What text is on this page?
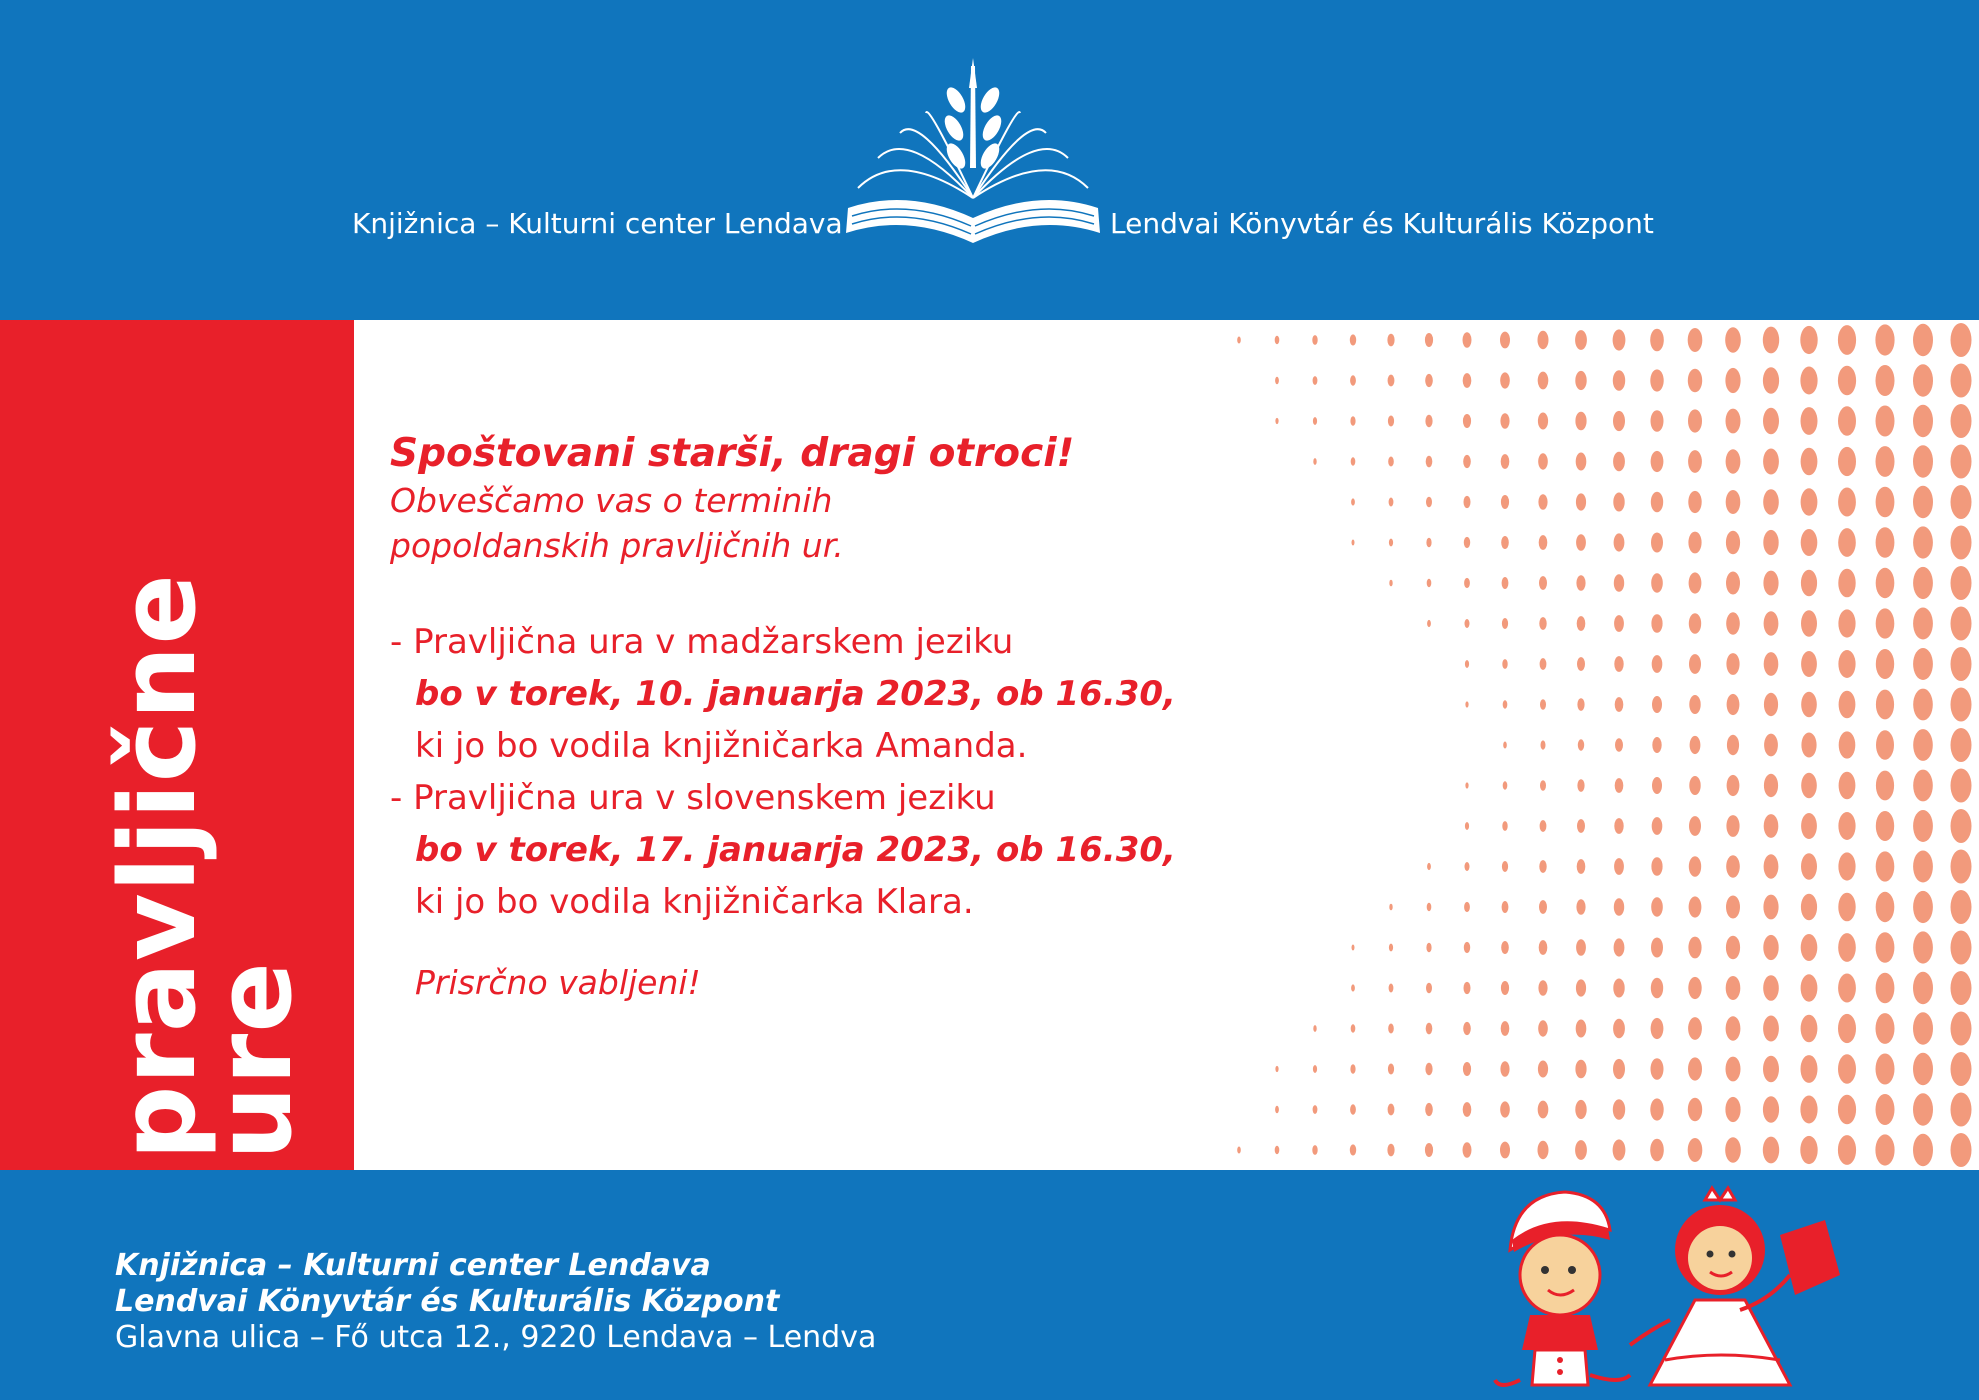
Knjižnica – Kulturni center Lendava	Lendvai Könyvtár és Kulturális Központ
pravljične
ure
Spoštovani starši, dragi otroci!
Obveščamo vas o terminih
popoldanskih pravljičnih ur.
- Pravljična ura v madžarskem jeziku
bo v torek, 10. januarja 2023, ob 16.30,
ki jo bo vodila knjižničarka Amanda.
- Pravljična ura v slovenskem jeziku
bo v torek, 17. januarja 2023, ob 16.30,
ki jo bo vodila knjižničarka Klara.
Prisrčno vabljeni!
Knjižnica – Kulturni center Lendava
Lendvai Könyvtár és Kulturális Központ
Glavna ulica – Fő utca 12., 9220 Lendava – Lendva
